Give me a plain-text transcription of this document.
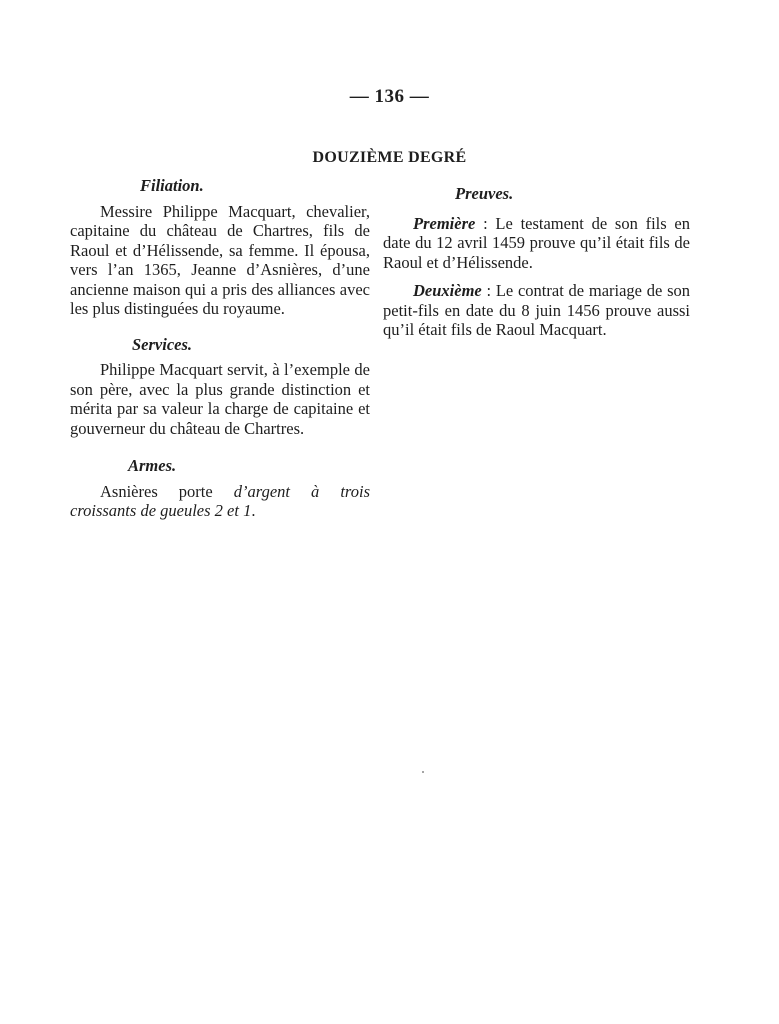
— 136 —
DOUZIÈME DEGRÉ
Filiation.

Messire Philippe Macquart, chevalier, capitaine du château de Chartres, fils de Raoul et d’Hélissende, sa femme. Il épousa, vers l’an 1365, Jeanne d’Asnières, d’une ancienne maison qui a pris des alliances avec les plus distinguées du royaume.

Services.

Philippe Macquart servit, à l’exemple de son père, avec la plus grande distinction et mérita par sa valeur la charge de capitaine et gouverneur du château de Chartres.

Armes.

Asnières porte d’argent à trois croissants de gueules 2 et 1.

Preuves.

Première : Le testament de son fils en date du 12 avril 1459 prouve qu’il était fils de Raoul et d’Hélissende.

Deuxième : Le contrat de mariage de son petit-fils en date du 8 juin 1456 prouve aussi qu’il était fils de Raoul Macquart.
